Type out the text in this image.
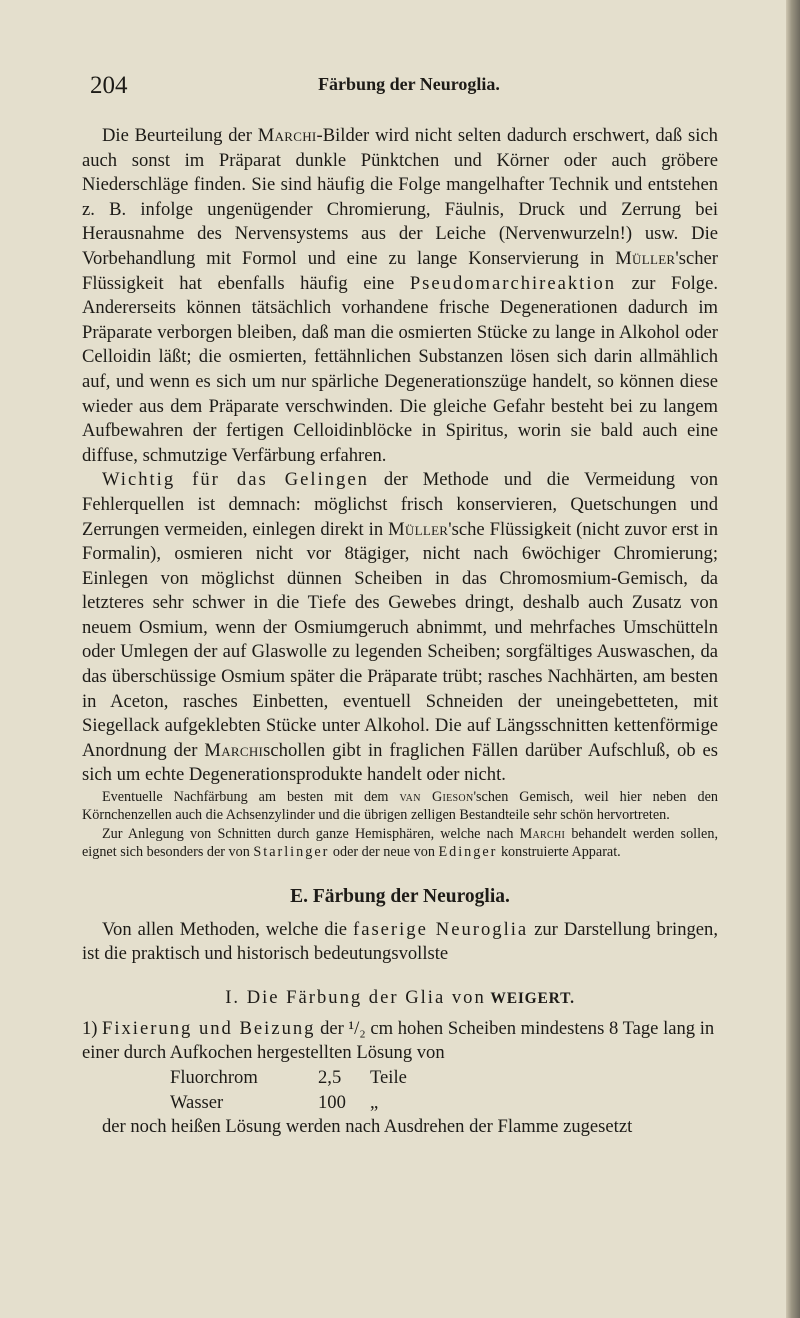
204	Färbung der Neuroglia.

Die Beurteilung der Marchi-Bilder wird nicht selten dadurch erschwert, daß sich auch sonst im Präparat dunkle Pünktchen und Körner oder auch gröbere Niederschläge finden. Sie sind häufig die Folge mangelhafter Technik und entstehen z. B. infolge ungenügender Chromierung, Fäulnis, Druck und Zerrung bei Herausnahme des Nervensystems aus der Leiche (Nervenwurzeln!) usw. Die Vorbehandlung mit Formol und eine zu lange Konservierung in Müller'scher Flüssigkeit hat ebenfalls häufig eine Pseudomarchireaktion zur Folge. Andererseits können tätsächlich vorhandene frische Degenerationen dadurch im Präparate verborgen bleiben, daß man die osmierten Stücke zu lange in Alkohol oder Celloidin läßt; die osmierten, fettähnlichen Substanzen lösen sich darin allmählich auf, und wenn es sich um nur spärliche Degenerationszüge handelt, so können diese wieder aus dem Präparate verschwinden. Die gleiche Gefahr besteht bei zu langem Aufbewahren der fertigen Celloidinblöcke in Spiritus, worin sie bald auch eine diffuse, schmutzige Verfärbung erfahren.

Wichtig für das Gelingen der Methode und die Vermeidung von Fehlerquellen ist demnach: möglichst frisch konservieren, Quetschungen und Zerrungen vermeiden, einlegen direkt in Müller'sche Flüssigkeit (nicht zuvor erst in Formalin), osmieren nicht vor 8tägiger, nicht nach 6wöchiger Chromierung; Einlegen von möglichst dünnen Scheiben in das Chromosmium-Gemisch, da letzteres sehr schwer in die Tiefe des Gewebes dringt, deshalb auch Zusatz von neuem Osmium, wenn der Osmiumgeruch abnimmt, und mehrfaches Umschütteln oder Umlegen der auf Glaswolle zu legenden Scheiben; sorgfältiges Auswaschen, da das überschüssige Osmium später die Präparate trübt; rasches Nachhärten, am besten in Aceton, rasches Einbetten, eventuell Schneiden der uneingebetteten, mit Siegellack aufgeklebten Stücke unter Alkohol. Die auf Längsschnitten kettenförmige Anordnung der Marchischollen gibt in fraglichen Fällen darüber Aufschluß, ob es sich um echte Degenerationsprodukte handelt oder nicht.

Eventuelle Nachfärbung am besten mit dem van Gieson'schen Gemisch, weil hier neben den Körnchenzellen auch die Achsenzylinder und die übrigen zelligen Bestandteile sehr schön hervortreten.

Zur Anlegung von Schnitten durch ganze Hemisphären, welche nach Marchi behandelt werden sollen, eignet sich besonders der von Starlinger oder der neue von Edinger konstruierte Apparat.

E. Färbung der Neuroglia.

Von allen Methoden, welche die faserige Neuroglia zur Darstellung bringen, ist die praktisch und historisch bedeutungsvollste

I. Die Färbung der Glia von WEIGERT.
1) Fixierung und Beizung der ¹/₂ cm hohen Scheiben mindestens 8 Tage lang in einer durch Aufkochen hergestellten Lösung von
Fluorchrom	2,5	Teile
Wasser	100	„
der noch heißen Lösung werden nach Ausdrehen der Flamme zugesetzt
